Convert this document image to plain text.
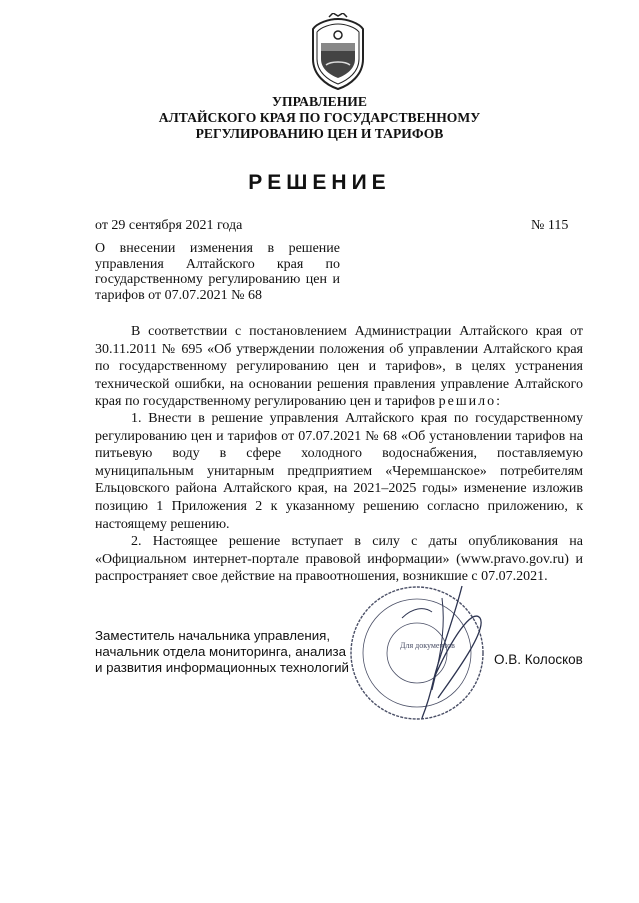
УПРАВЛЕНИЕ
АЛТАЙСКОГО КРАЯ ПО ГОСУДАРСТВЕННОМУ
РЕГУЛИРОВАНИЮ ЦЕН И ТАРИФОВ
РЕШЕНИЕ
от 29 сентября 2021 года	№ 115
О внесении изменения в решение управления Алтайского края по государственному регулированию цен и тарифов от 07.07.2021 № 68
В соответствии с постановлением Администрации Алтайского края от 30.11.2011 № 695 «Об утверждении положения об управлении Алтайского края по государственному регулированию цен и тарифов», в целях устранения технической ошибки, на основании решения правления управление Алтайского края по государственному регулированию цен и тарифов решило:
1. Внести в решение управления Алтайского края по государственному регулированию цен и тарифов от 07.07.2021 № 68 «Об установлении тарифов на питьевую воду в сфере холодного водоснабжения, поставляемую муниципальным унитарным предприятием «Черемшанское» потребителям Ельцовского района Алтайского края, на 2021–2025 годы» изменение изложив позицию 1 Приложения 2 к указанному решению согласно приложению, к настоящему решению.
2. Настоящее решение вступает в силу с даты опубликования на «Официальном интернет-портале правовой информации» (www.pravo.gov.ru) и распространяет свое действие на правоотношения, возникшие с 07.07.2021.
Для документов
Заместитель начальника управления,
начальник отдела мониторинга, анализа
и развития информационных технологий
О.В. Колосков
